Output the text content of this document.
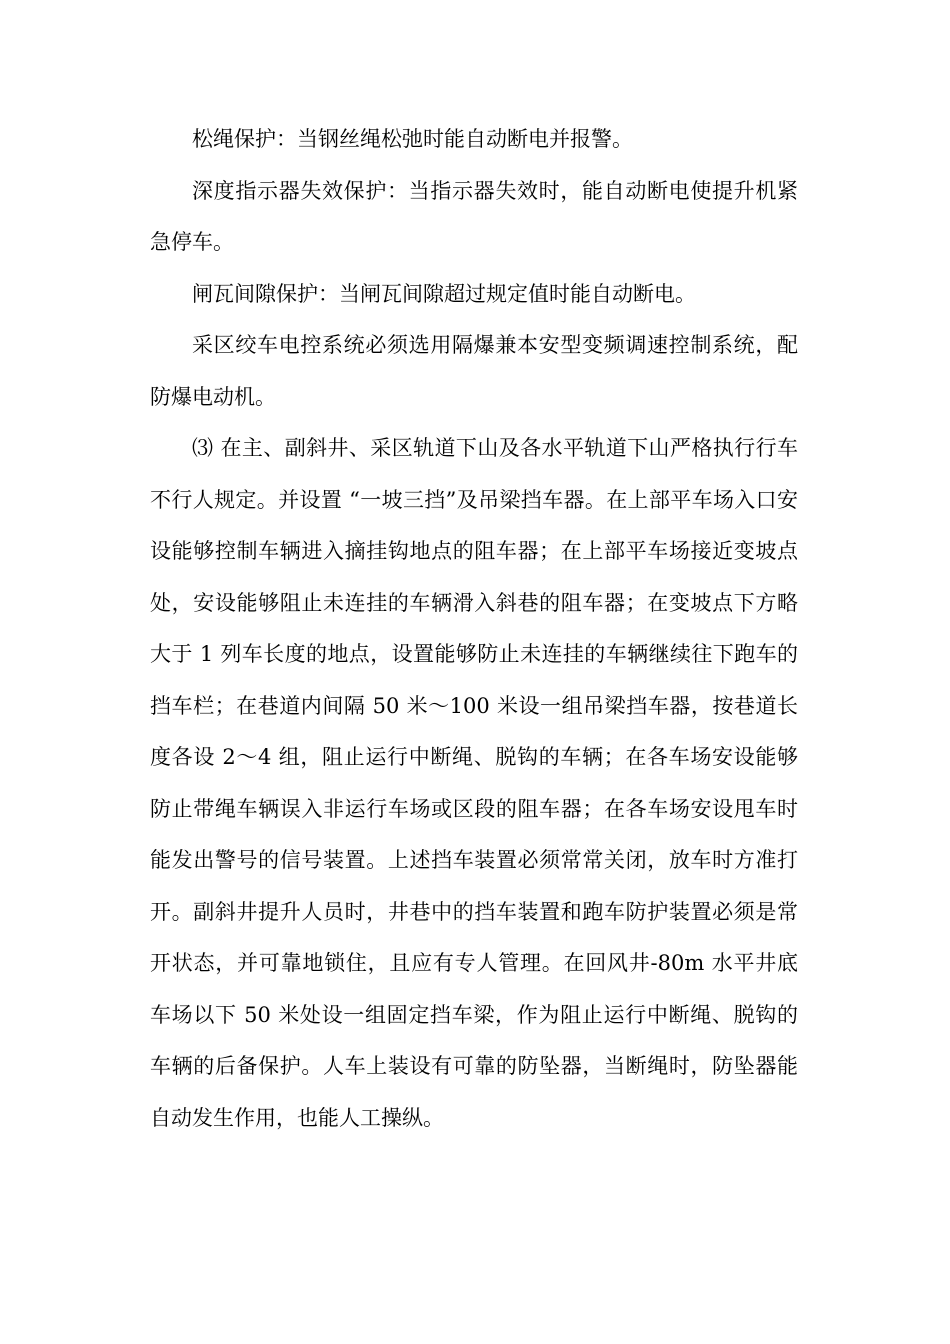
松绳保护：当钢丝绳松弛时能自动断电并报警。

深度指示器失效保护：当指示器失效时，能自动断电使提升机紧急停车。

闸瓦间隙保护：当闸瓦间隙超过规定值时能自动断电。

采区绞车电控系统必须选用隔爆兼本安型变频调速控制系统，配防爆电动机。

⑶ 在主、副斜井、采区轨道下山及各水平轨道下山严格执行行车不行人规定。并设置 “一坡三挡”及吊梁挡车器。在上部平车场入口安设能够控制车辆进入摘挂钩地点的阻车器；在上部平车场接近变坡点处，安设能够阻止未连挂的车辆滑入斜巷的阻车器；在变坡点下方略大于 1 列车长度的地点，设置能够防止未连挂的车辆继续往下跑车的挡车栏；在巷道内间隔 50 米～100 米设一组吊梁挡车器，按巷道长度各设 2～4 组，阻止运行中断绳、脱钩的车辆；在各车场安设能够防止带绳车辆误入非运行车场或区段的阻车器；在各车场安设甩车时能发出警号的信号装置。上述挡车装置必须常常关闭，放车时方准打开。副斜井提升人员时，井巷中的挡车装置和跑车防护装置必须是常开状态，并可靠地锁住，且应有专人管理。在回风井-80m 水平井底车场以下 50 米处设一组固定挡车梁，作为阻止运行中断绳、脱钩的车辆的后备保护。人车上装设有可靠的防坠器，当断绳时，防坠器能自动发生作用，也能人工操纵。
